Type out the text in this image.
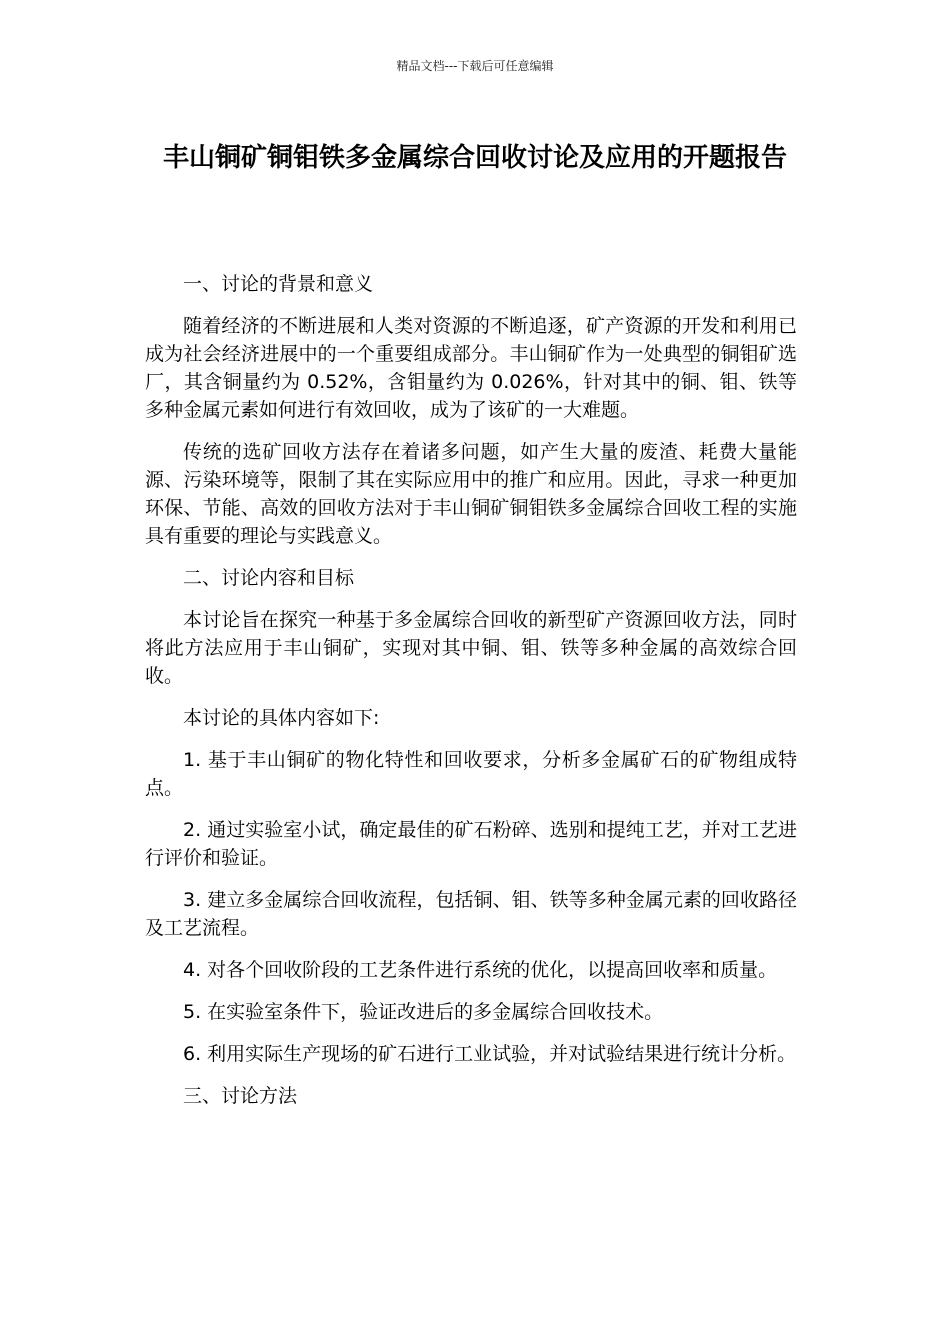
精品文档---下载后可任意编辑
丰山铜矿铜钼铁多金属综合回收讨论及应用的开题报告

一、讨论的背景和意义

随着经济的不断进展和人类对资源的不断追逐，矿产资源的开发和利用已成为社会经济进展中的一个重要组成部分。丰山铜矿作为一处典型的铜钼矿选厂，其含铜量约为 0.52%，含钼量约为 0.026%，针对其中的铜、钼、铁等多种金属元素如何进行有效回收，成为了该矿的一大难题。

传统的选矿回收方法存在着诸多问题，如产生大量的废渣、耗费大量能源、污染环境等，限制了其在实际应用中的推广和应用。因此，寻求一种更加环保、节能、高效的回收方法对于丰山铜矿铜钼铁多金属综合回收工程的实施具有重要的理论与实践意义。

二、讨论内容和目标

本讨论旨在探究一种基于多金属综合回收的新型矿产资源回收方法，同时将此方法应用于丰山铜矿，实现对其中铜、钼、铁等多种金属的高效综合回收。

本讨论的具体内容如下:

1. 基于丰山铜矿的物化特性和回收要求，分析多金属矿石的矿物组成特点。

2. 通过实验室小试，确定最佳的矿石粉碎、选别和提纯工艺，并对工艺进行评价和验证。

3. 建立多金属综合回收流程，包括铜、钼、铁等多种金属元素的回收路径及工艺流程。

4. 对各个回收阶段的工艺条件进行系统的优化，以提高回收率和质量。

5. 在实验室条件下，验证改进后的多金属综合回收技术。

6. 利用实际生产现场的矿石进行工业试验，并对试验结果进行统计分析。

三、讨论方法
